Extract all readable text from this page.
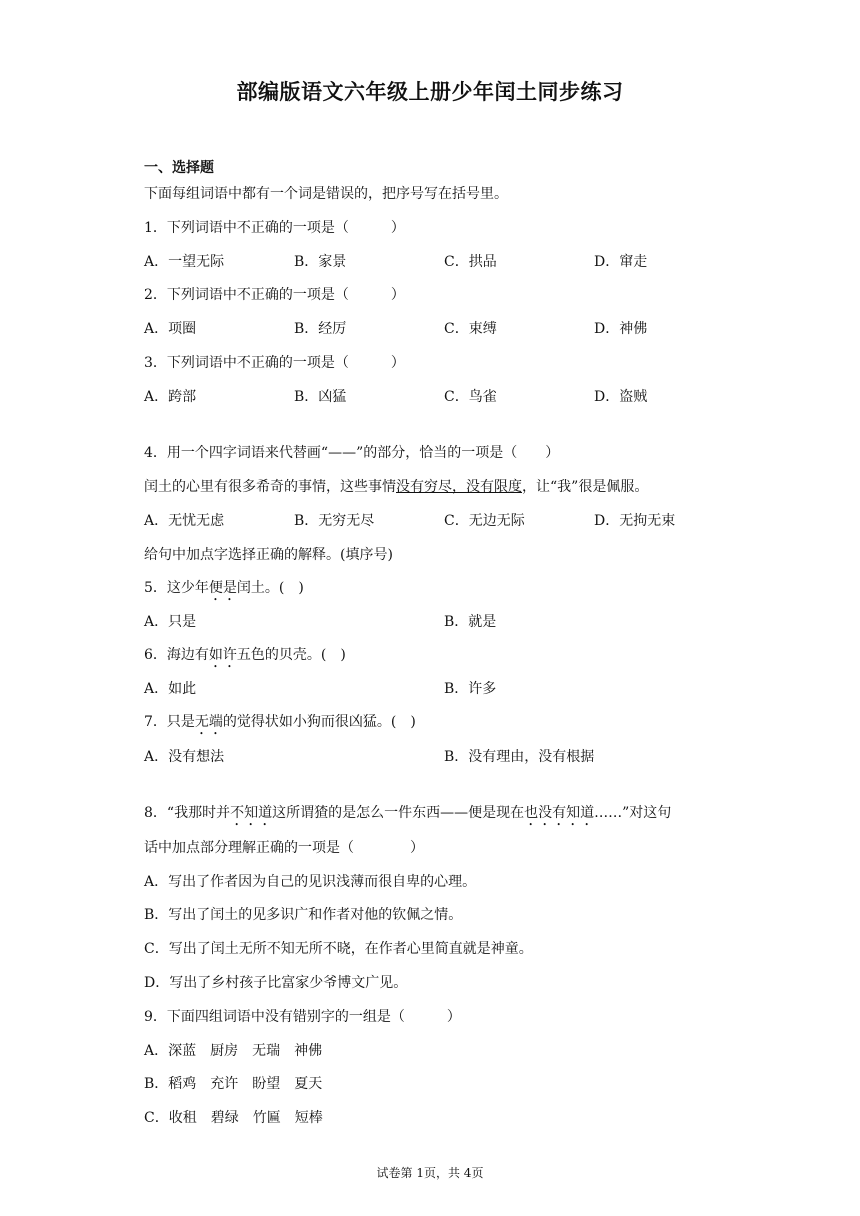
部编版语文六年级上册少年闰土同步练习
一、选择题
下面每组词语中都有一个词是错误的，把序号写在括号里。
1．下列词语中不正确的一项是（　　　）
A．一望无际	B．家景	C．拱品	D．窜走
2．下列词语中不正确的一项是（　　　）
A．项圈	B．经厉	C．束缚	D．神佛
3．下列词语中不正确的一项是（　　　）
A．跨部	B．凶猛	C．鸟雀	D．盗贼
4．用一个四字词语来代替画“——”的部分，恰当的一项是（　　）
闰土的心里有很多希奇的事情，这些事情没有穷尽，没有限度，让“我”很是佩服。
A．无忧无虑	B．无穷无尽	C．无边无际	D．无拘无束
给句中加点字选择正确的解释。(填序号)
5．这少年便是闰土。(　)
A．只是	B．就是
6．海边有如许五色的贝壳。(　)
A．如此	B．许多
7．只是无端的觉得状如小狗而很凶猛。(　)
A．没有想法	B．没有理由，没有根据
8．“我那时并不知道这所谓猹的是怎么一件东西——便是现在也没有知道……”对这句
话中加点部分理解正确的一项是（　　　　）
A．写出了作者因为自己的见识浅薄而很自卑的心理。
B．写出了闰土的见多识广和作者对他的钦佩之情。
C．写出了闰土无所不知无所不晓，在作者心里简直就是神童。
D．写出了乡村孩子比富家少爷博文广见。
9．下面四组词语中没有错别字的一组是（　　　）
A．深蓝　厨房　无瑞　神佛
B．稻鸡　充许　盼望　夏天
C．收租　碧绿　竹匾　短棒
试卷第 1页，共 4页
